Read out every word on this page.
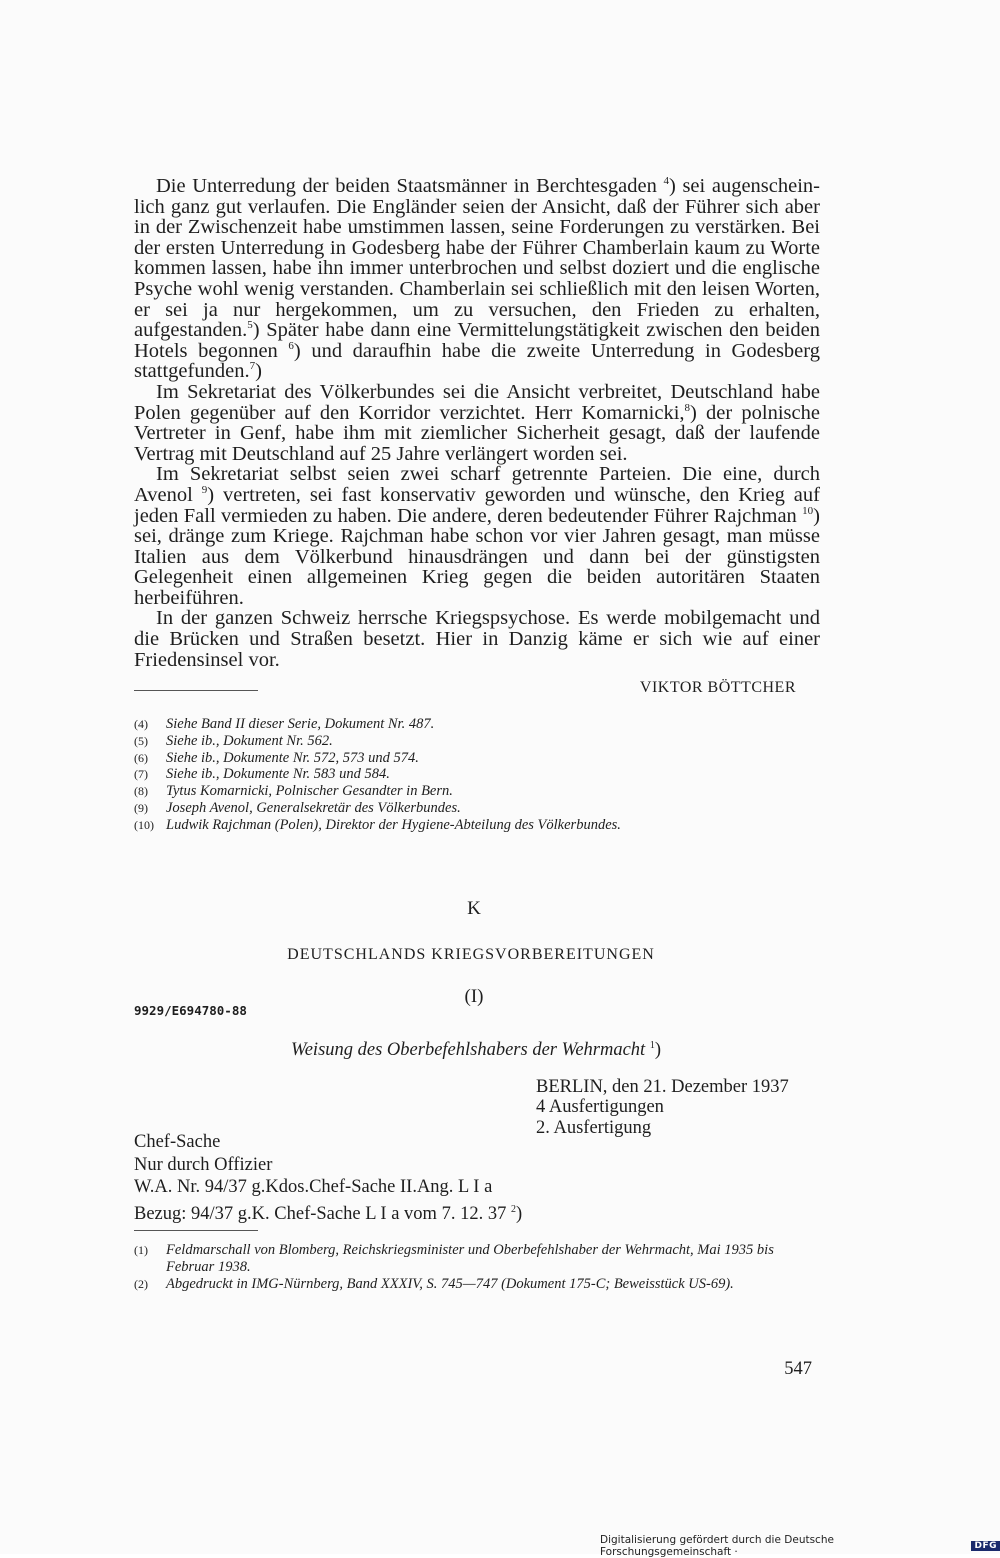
Die Unterredung der beiden Staatsmänner in Berchtesgaden $^4$) sei augenscheinlich ganz gut verlaufen. Die Engländer seien der Ansicht, daß der Führer sich aber in der Zwischenzeit habe umstimmen lassen, seine Forderungen zu verstärken. Bei der ersten Unterredung in Godesberg habe der Führer Chamberlain kaum zu Worte kommen lassen, habe ihn immer unterbrochen und selbst doziert und die englische Psyche wohl wenig verstanden. Chamberlain sei schließlich mit den leisen Worten, er sei ja nur hergekommen, um zu versuchen, den Frieden zu erhalten, aufgestanden.$^5$) Später habe dann eine Vermittelungstätigkeit zwischen den beiden Hotels begonnen $^6$) und daraufhin habe die zweite Unterredung in Godesberg stattgefunden.$^7$)

Im Sekretariat des Völkerbundes sei die Ansicht verbreitet, Deutschland habe Polen gegenüber auf den Korridor verzichtet. Herr Komarnicki,$^8$) der polnische Vertreter in Genf, habe ihm mit ziemlicher Sicherheit gesagt, daß der laufende Vertrag mit Deutschland auf 25 Jahre verlängert worden sei.

Im Sekretariat selbst seien zwei scharf getrennte Parteien. Die eine, durch Avenol $^9$) vertreten, sei fast konservativ geworden und wünsche, den Krieg auf jeden Fall vermieden zu haben. Die andere, deren bedeutender Führer Rajchman $^{10}$) sei, dränge zum Kriege. Rajchman habe schon vor vier Jahren gesagt, man müsse Italien aus dem Völkerbund hinausdrängen und dann bei der günstigsten Gelegenheit einen allgemeinen Krieg gegen die beiden autoritären Staaten herbeiführen.

In der ganzen Schweiz herrsche Kriegspsychose. Es werde mobilgemacht und die Brücken und Straßen besetzt. Hier in Danzig käme er sich wie auf einer Friedensinsel vor.

VIKTOR BÖTTCHER
(4)	Siehe Band II dieser Serie, Dokument Nr. 487.
(5)	Siehe ib., Dokument Nr. 562.
(6)	Siehe ib., Dokumente Nr. 572, 573 und 574.
(7)	Siehe ib., Dokumente Nr. 583 und 584.
(8)	Tytus Komarnicki, Polnischer Gesandter in Bern.
(9)	Joseph Avenol, Generalsekretär des Völkerbundes.
(10) Ludwik Rajchman (Polen), Direktor der Hygiene-Abteilung des Völkerbundes.
K
DEUTSCHLANDS KRIEGSVORBEREITUNGEN
(I)
9929/E694780-88
Weisung des Oberbefehlshabers der Wehrmacht $^1$)
BERLIN, den 21. Dezember 1937
4 Ausfertigungen
2. Ausfertigung
Chef-Sache
Nur durch Offizier
W.A. Nr. 94/37 g.Kdos.Chef-Sache II.Ang. L I a
Bezug: 94/37 g.K. Chef-Sache L I a vom 7. 12. 37 $^2$)
(1)	Feldmarschall von Blomberg, Reichskriegsminister und Oberbefehlshaber der Wehrmacht, Mai 1935 bis Februar 1938.
(2)	Abgedruckt in IMG-Nürnberg, Band XXXIV, S. 745—747 (Dokument 175-C; Beweisstück US-69).
547
Digitalisierung gefördert durch die Deutsche Forschungsgemeinschaft ·	DFG
